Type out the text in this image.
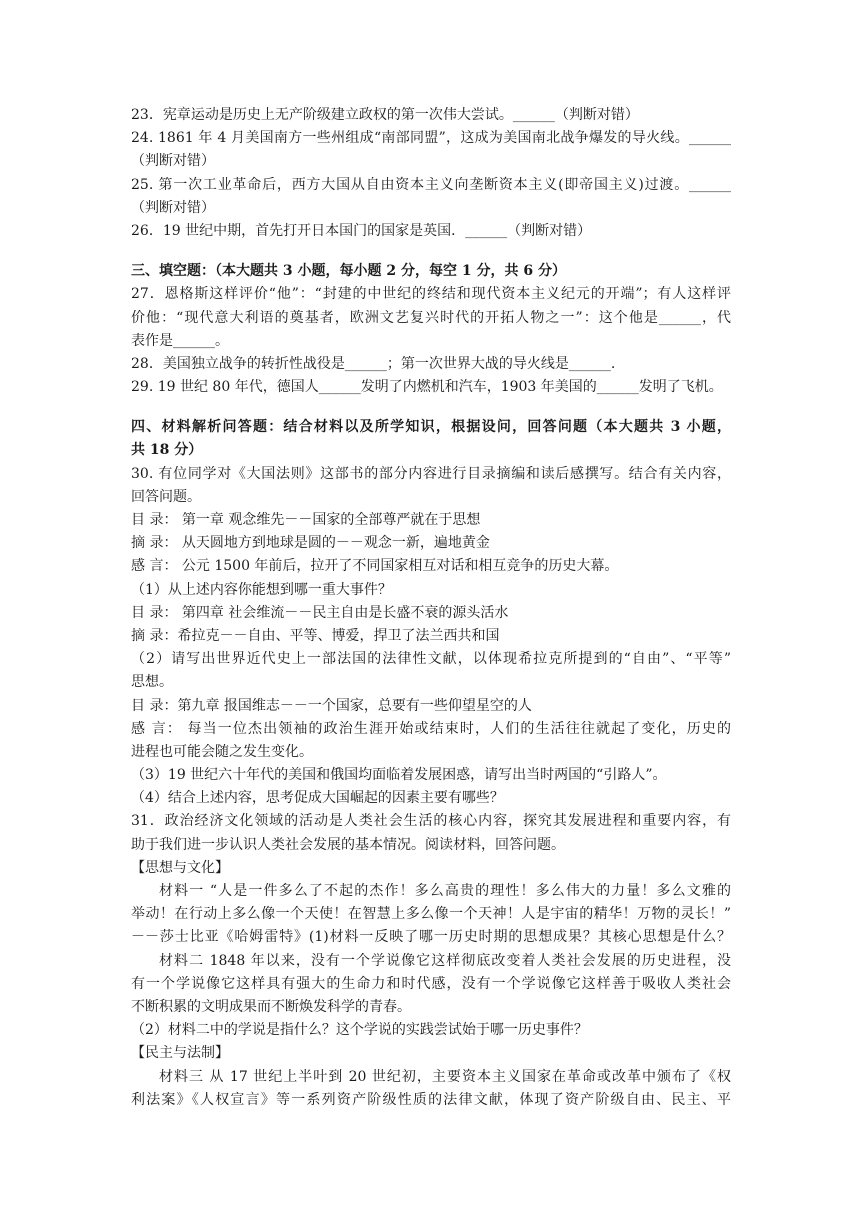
23．宪章运动是历史上无产阶级建立政权的第一次伟大尝试。______（判断对错）
24. 1861 年 4 月美国南方一些州组成“南部同盟”，这成为美国南北战争爆发的导火线。______
（判断对错）
25. 第一次工业革命后，西方大国从自由资本主义向垄断资本主义(即帝国主义)过渡。______
（判断对错）
26．19 世纪中期，首先打开日本国门的国家是英国．______（判断对错）
三、填空题：（本大题共 3 小题，每小题 2 分，每空 1 分，共 6 分）
27．恩格斯这样评价“他”：“封建的中世纪的终结和现代资本主义纪元的开端”；有人这样评
价他：“现代意大利语的奠基者，欧洲文艺复兴时代的开拓人物之一”：这个他是______，代
表作是______。
28．美国独立战争的转折性战役是______；第一次世界大战的导火线是______.
29. 19 世纪 80 年代，德国人______发明了内燃机和汽车，1903 年美国的______发明了飞机。
四、材料解析问答题：结合材料以及所学知识，根据设问，回答问题（本大题共 3 小题，
共 18 分）
30. 有位同学对《大国法则》这部书的部分内容进行目录摘编和读后感撰写。结合有关内容，
回答问题。
目 录： 第一章 观念维先－－国家的全部尊严就在于思想
摘 录： 从天圆地方到地球是圆的－－观念一新，遍地黄金
感 言： 公元 1500 年前后，拉开了不同国家相互对话和相互竞争的历史大幕。
（1）从上述内容你能想到哪一重大事件？
目 录： 第四章 社会维流－－民主自由是长盛不衰的源头活水
摘 录：希拉克－－自由、平等、博爱，捍卫了法兰西共和国
（2）请写出世界近代史上一部法国的法律性文献，以体现希拉克所提到的“自由”、“平等”
思想。
目 录：第九章 报国维志－－一个国家，总要有一些仰望星空的人
感 言： 每当一位杰出领袖的政治生涯开始或结束时，人们的生活往往就起了变化，历史的
进程也可能会随之发生变化。
（3）19 世纪六十年代的美国和俄国均面临着发展困惑，请写出当时两国的“引路人”。
（4）结合上述内容，思考促成大国崛起的因素主要有哪些？
31．政治经济文化领域的活动是人类社会生活的核心内容，探究其发展进程和重要内容，有
助于我们进一步认识人类社会发展的基本情况。阅读材料，回答问题。
【思想与文化】
材料一 “人是一件多么了不起的杰作！多么高贵的理性！多么伟大的力量！多么文雅的
举动！在行动上多么像一个天使！在智慧上多么像一个天神！人是宇宙的精华！万物的灵长！”
－－莎士比亚《哈姆雷特》(1)材料一反映了哪一历史时期的思想成果？其核心思想是什么？
材料二 1848 年以来，没有一个学说像它这样彻底改变着人类社会发展的历史进程，没
有一个学说像它这样具有强大的生命力和时代感，没有一个学说像它这样善于吸收人类社会
不断积累的文明成果而不断焕发科学的青春。
（2）材料二中的学说是指什么？这个学说的实践尝试始于哪一历史事件？
【民主与法制】
材料三 从 17 世纪上半叶到 20 世纪初，主要资本主义国家在革命或改革中颁布了《权
利法案》《人权宣言》等一系列资产阶级性质的法律文献，体现了资产阶级自由、民主、平
